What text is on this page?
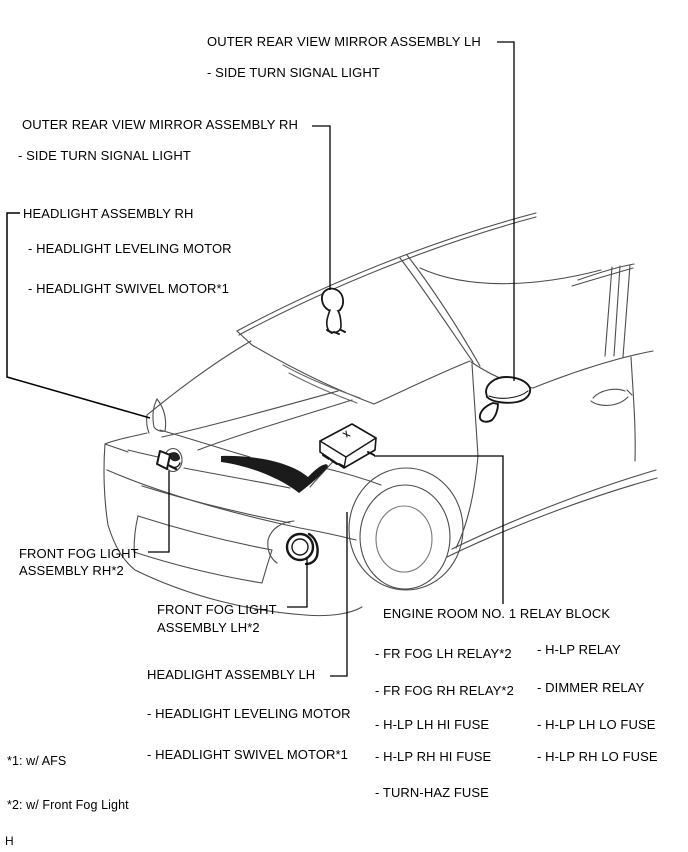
OUTER REAR VIEW MIRROR ASSEMBLY LH
- SIDE TURN SIGNAL LIGHT
OUTER REAR VIEW MIRROR ASSEMBLY RH
- SIDE TURN SIGNAL LIGHT
HEADLIGHT ASSEMBLY RH
- HEADLIGHT LEVELING MOTOR
- HEADLIGHT SWIVEL MOTOR*1
FRONT FOG LIGHT
ASSEMBLY RH*2
FRONT FOG LIGHT
ASSEMBLY LH*2
HEADLIGHT ASSEMBLY LH
- HEADLIGHT LEVELING MOTOR
- HEADLIGHT SWIVEL MOTOR*1
ENGINE ROOM NO. 1 RELAY BLOCK
- FR FOG LH RELAY*2
- FR FOG RH RELAY*2
- H-LP LH HI FUSE
- H-LP RH HI FUSE
- TURN-HAZ FUSE
- H-LP RELAY
- DIMMER RELAY
- H-LP LH LO FUSE
- H-LP RH LO FUSE
*1: w/ AFS
*2: w/ Front Fog Light
H
